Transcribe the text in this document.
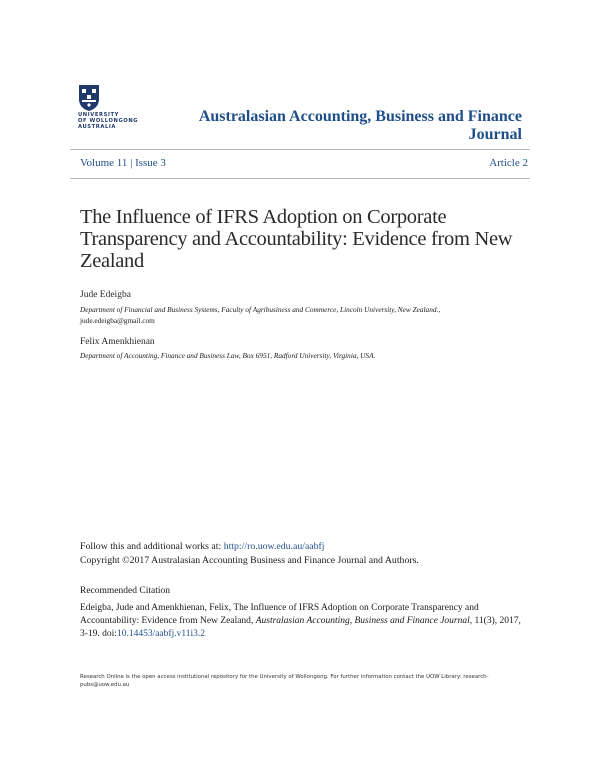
UNIVERSITY
OF WOLLONGONG
AUSTRALIA
Australasian Accounting, Business and Finance Journal
Volume 11 | Issue 3	Article 2
The Influence of IFRS Adoption on Corporate Transparency and Accountability: Evidence from New Zealand
Jude Edeigba
Department of Financial and Business Systems, Faculty of Agribusiness and Commerce, Lincoln University, New Zealand.,
jude.edeigba@gmail.com
Felix Amenkhienan
Department of Accounting, Finance and Business Law, Box 6951, Radford University, Virginia, USA.
Follow this and additional works at: http://ro.uow.edu.au/aabfj
Copyright ©2017 Australasian Accounting Business and Finance Journal and Authors.
Recommended Citation
Edeigba, Jude and Amenkhienan, Felix, The Influence of IFRS Adoption on Corporate Transparency and Accountability: Evidence from New Zealand, Australasian Accounting, Business and Finance Journal, 11(3), 2017, 3-19. doi:10.14453/aabfj.v11i3.2
Research Online is the open access institutional repository for the University of Wollongong. For further information contact the UOW Library: research-pubs@uow.edu.au
